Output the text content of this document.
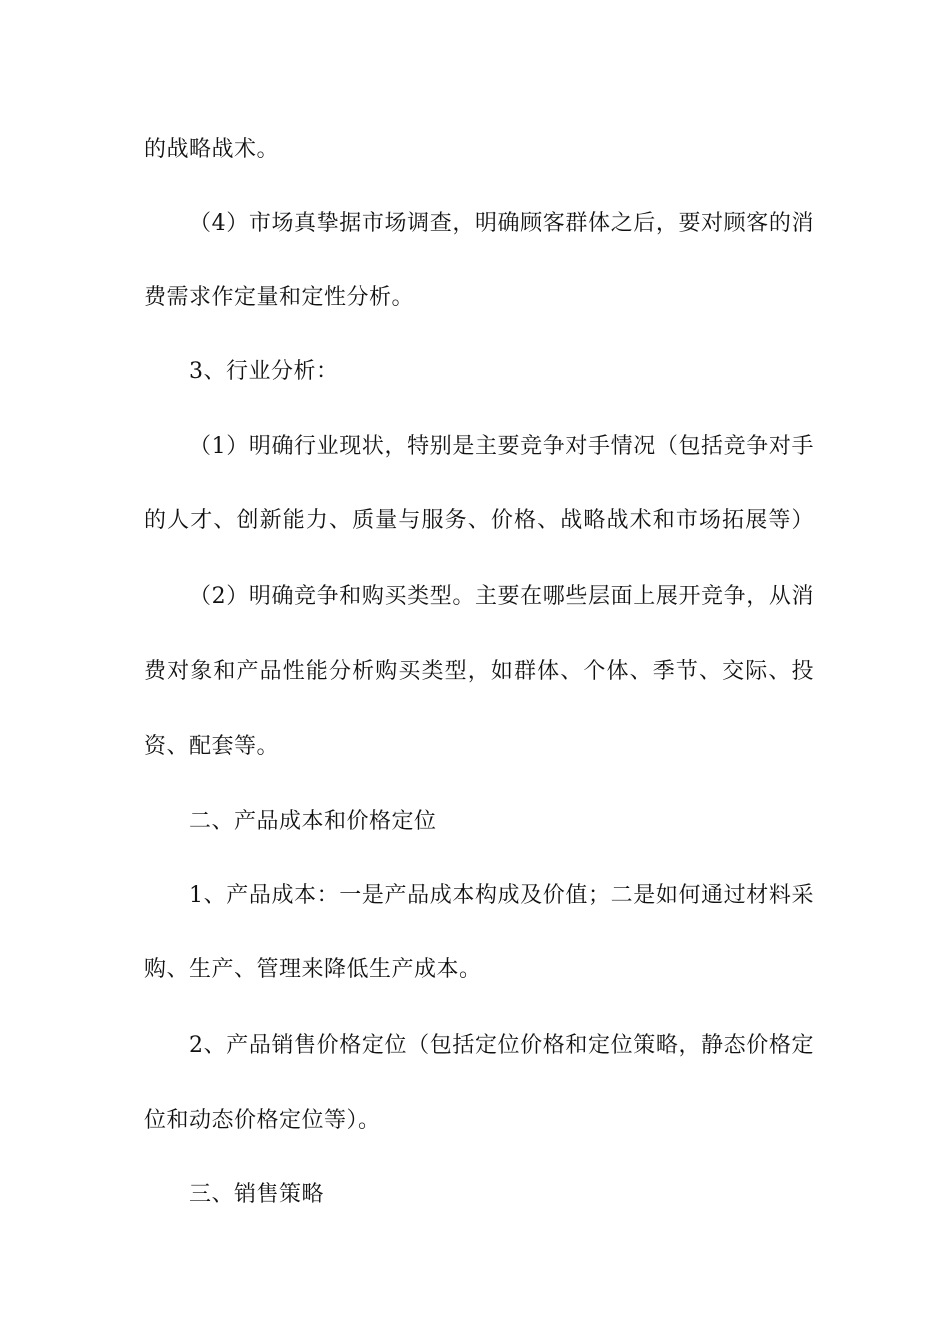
的战略战术。
（4）市场真挚据市场调查，明确顾客群体之后，要对顾客的消
费需求作定量和定性分析。
3、行业分析：
（1）明确行业现状，特别是主要竞争对手情况（包括竞争对手
的人才、创新能力、质量与服务、价格、战略战术和市场拓展等）
（2）明确竞争和购买类型。主要在哪些层面上展开竞争，从消
费对象和产品性能分析购买类型，如群体、个体、季节、交际、投
资、配套等。
二、产品成本和价格定位
1、产品成本：一是产品成本构成及价值；二是如何通过材料采
购、生产、管理来降低生产成本。
2、产品销售价格定位（包括定位价格和定位策略，静态价格定
位和动态价格定位等）。
三、销售策略
